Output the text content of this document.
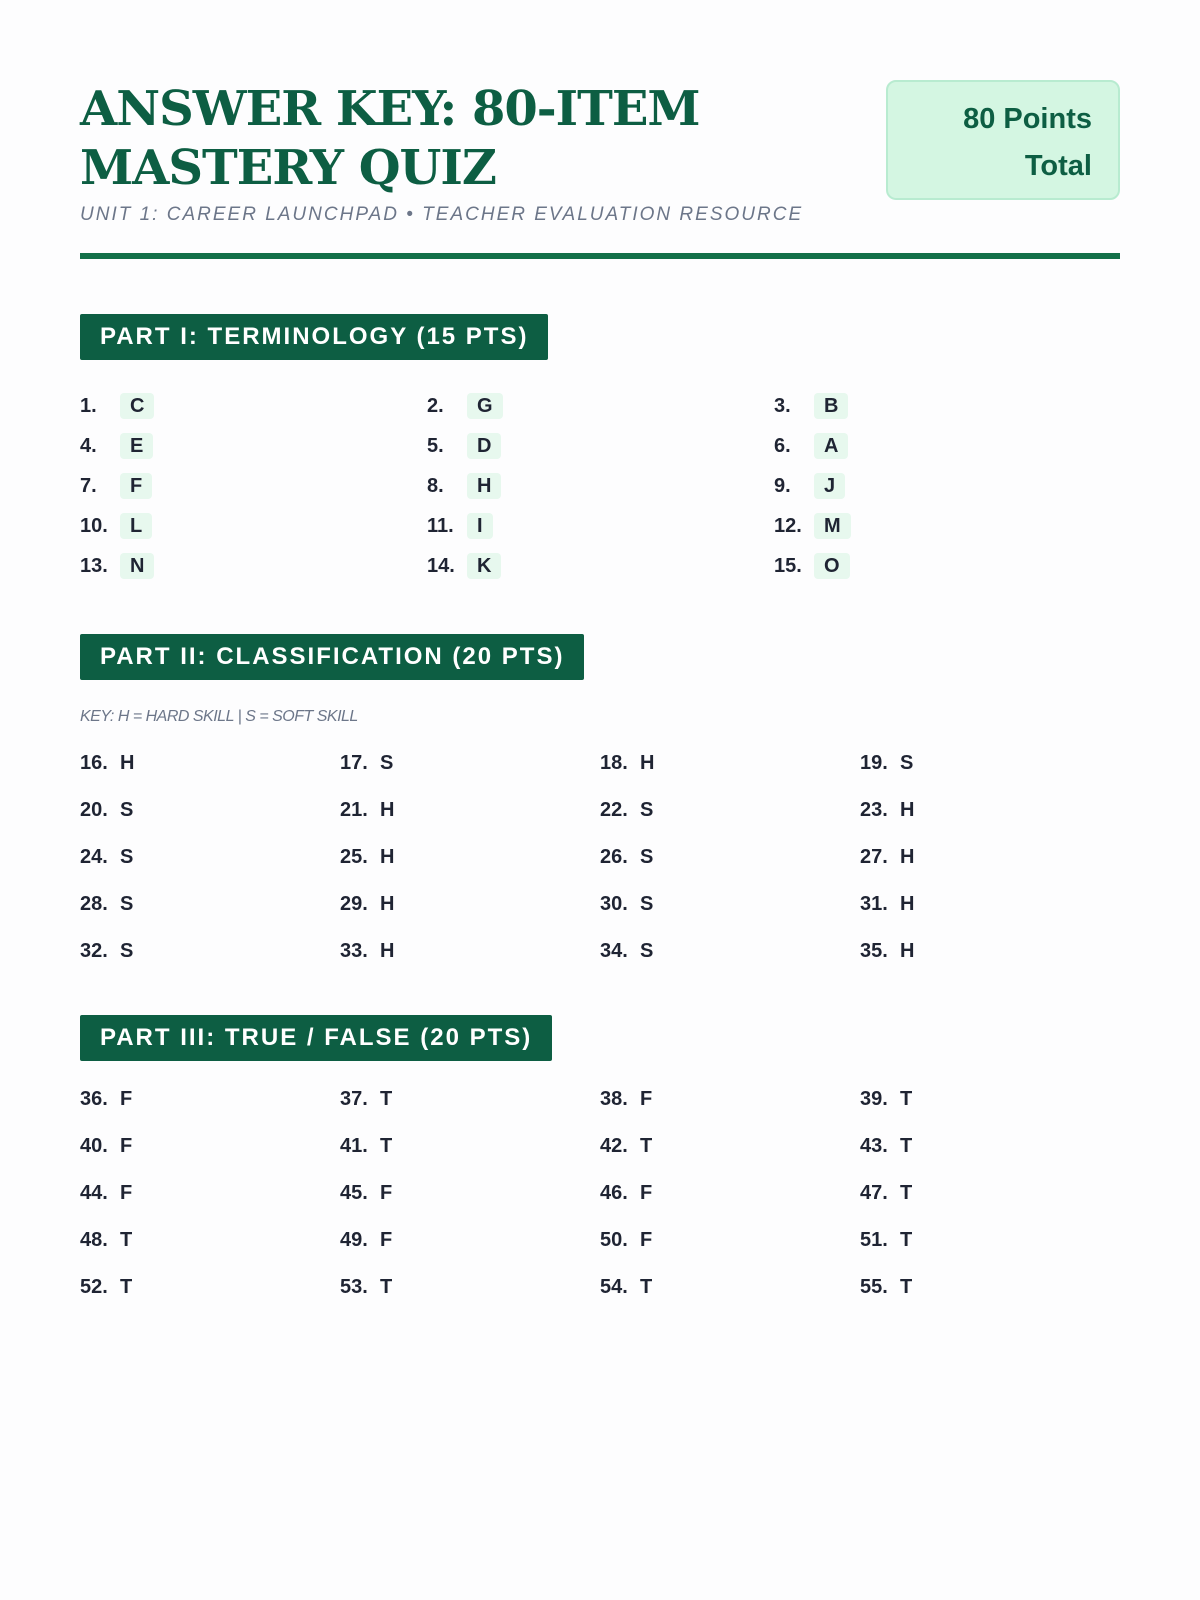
ANSWER KEY: 80-ITEM MASTERY QUIZ
UNIT 1: CAREER LAUNCHPAD • TEACHER EVALUATION RESOURCE
80 Points Total
PART I: TERMINOLOGY (15 PTS)
1.	C	2.	G	3.	B
4.	E	5.	D	6.	A
7.	F	8.	H	9.	J
10.	L	11.	I	12.	M
13.	N	14.	K	15.	O
PART II: CLASSIFICATION (20 PTS)
KEY: H = HARD SKILL | S = SOFT SKILL
16. H	17. S	18. H	19. S
20. S	21. H	22. S	23. H
24. S	25. H	26. S	27. H
28. S	29. H	30. S	31. H
32. S	33. H	34. S	35. H
PART III: TRUE / FALSE (20 PTS)
36. F	37. T	38. F	39. T
40. F	41. T	42. T	43. T
44. F	45. F	46. F	47. T
48. T	49. F	50. F	51. T
52. T	53. T	54. T	55. T
